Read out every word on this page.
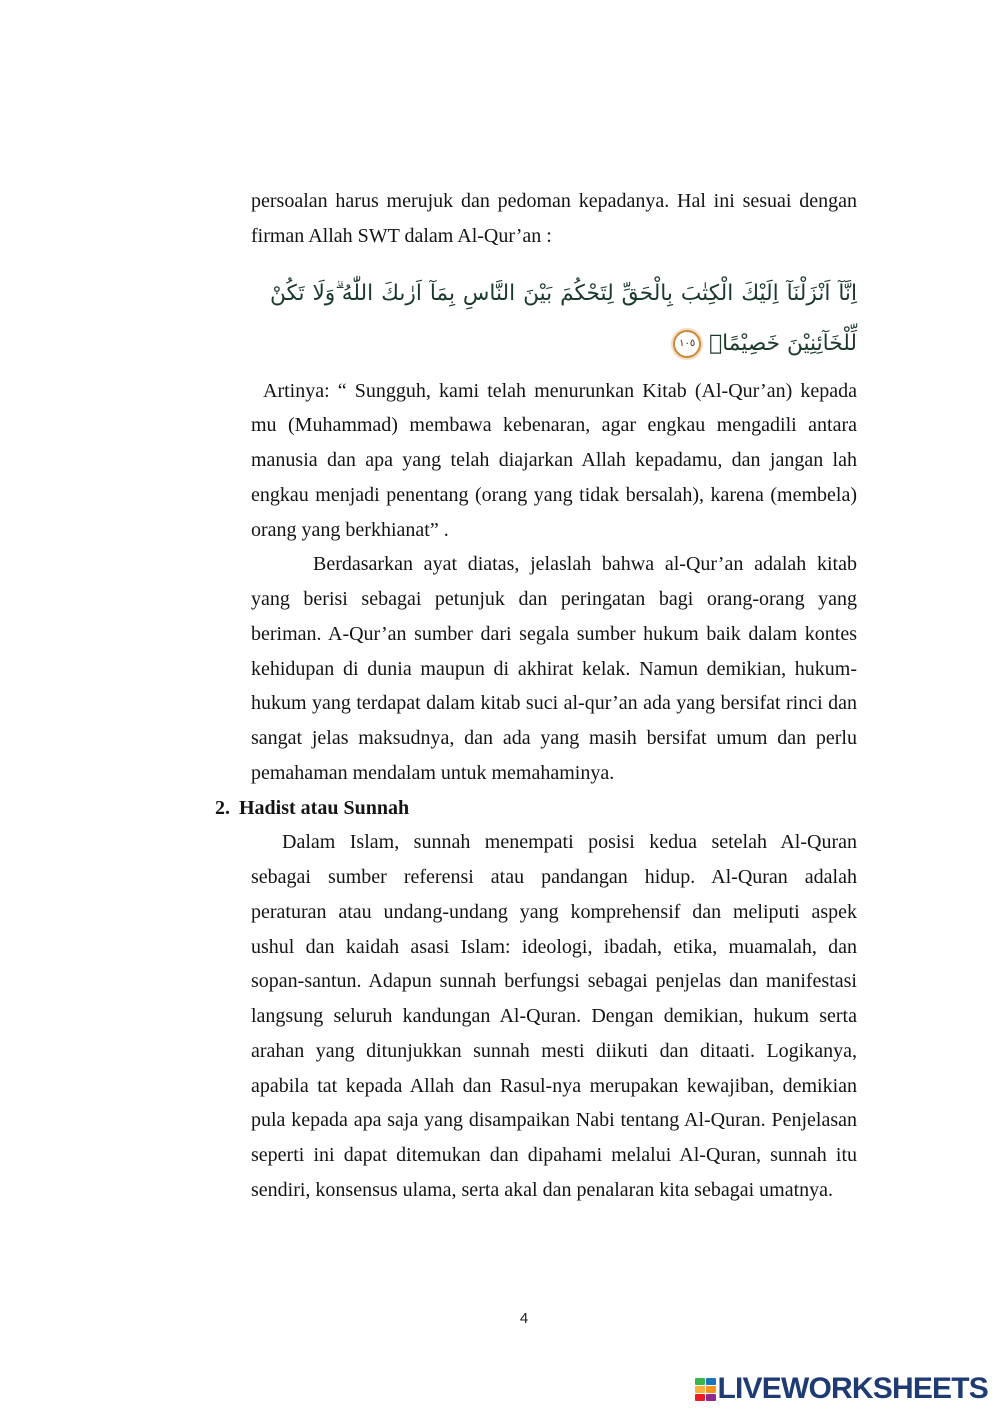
persoalan harus merujuk dan pedoman kepadanya. Hal ini sesuai dengan
firman Allah SWT dalam Al-Qur’an :
اِنَّآ اَنْزَلْنَآ اِلَيْكَ الْكِتٰبَ بِالْحَقِّ لِتَحْكُمَ بَيْنَ النَّاسِ بِمَآ اَرٰىكَ اللّٰهُ ۗوَلَا تَكُنْ
لِّلْخَآئِنِيْنَ خَصِيْمًاۙ١٠٥
Artinya: “ Sungguh, kami telah menurunkan Kitab (Al-Qur’an) kepada
mu (Muhammad) membawa kebenaran, agar engkau mengadili antara
manusia dan apa yang telah diajarkan Allah kepadamu, dan jangan lah
engkau menjadi penentang (orang yang tidak bersalah), karena (membela)
orang yang berkhianat” .
Berdasarkan ayat diatas, jelaslah bahwa al-Qur’an adalah kitab
yang berisi sebagai petunjuk dan peringatan bagi orang-orang yang
beriman. A-Qur’an sumber dari segala sumber hukum baik dalam kontes
kehidupan di dunia maupun di akhirat kelak. Namun demikian, hukum-
hukum yang terdapat dalam kitab suci al-qur’an ada yang bersifat rinci dan
sangat jelas maksudnya, dan ada yang masih bersifat umum dan perlu
pemahaman mendalam untuk memahaminya.
2. Hadist atau Sunnah
Dalam Islam, sunnah menempati posisi kedua setelah Al-Quran
sebagai sumber referensi atau pandangan hidup. Al-Quran adalah
peraturan atau undang-undang yang komprehensif dan meliputi aspek
ushul dan kaidah asasi Islam: ideologi, ibadah, etika, muamalah, dan
sopan-santun. Adapun sunnah berfungsi sebagai penjelas dan manifestasi
langsung seluruh kandungan Al-Quran. Dengan demikian, hukum serta
arahan yang ditunjukkan sunnah mesti diikuti dan ditaati. Logikanya,
apabila tat kepada Allah dan Rasul-nya merupakan kewajiban, demikian
pula kepada apa saja yang disampaikan Nabi tentang Al-Quran. Penjelasan
seperti ini dapat ditemukan dan dipahami melalui Al-Quran, sunnah itu
sendiri, konsensus ulama, serta akal dan penalaran kita sebagai umatnya.
4
LIVEWORKSHEETS
